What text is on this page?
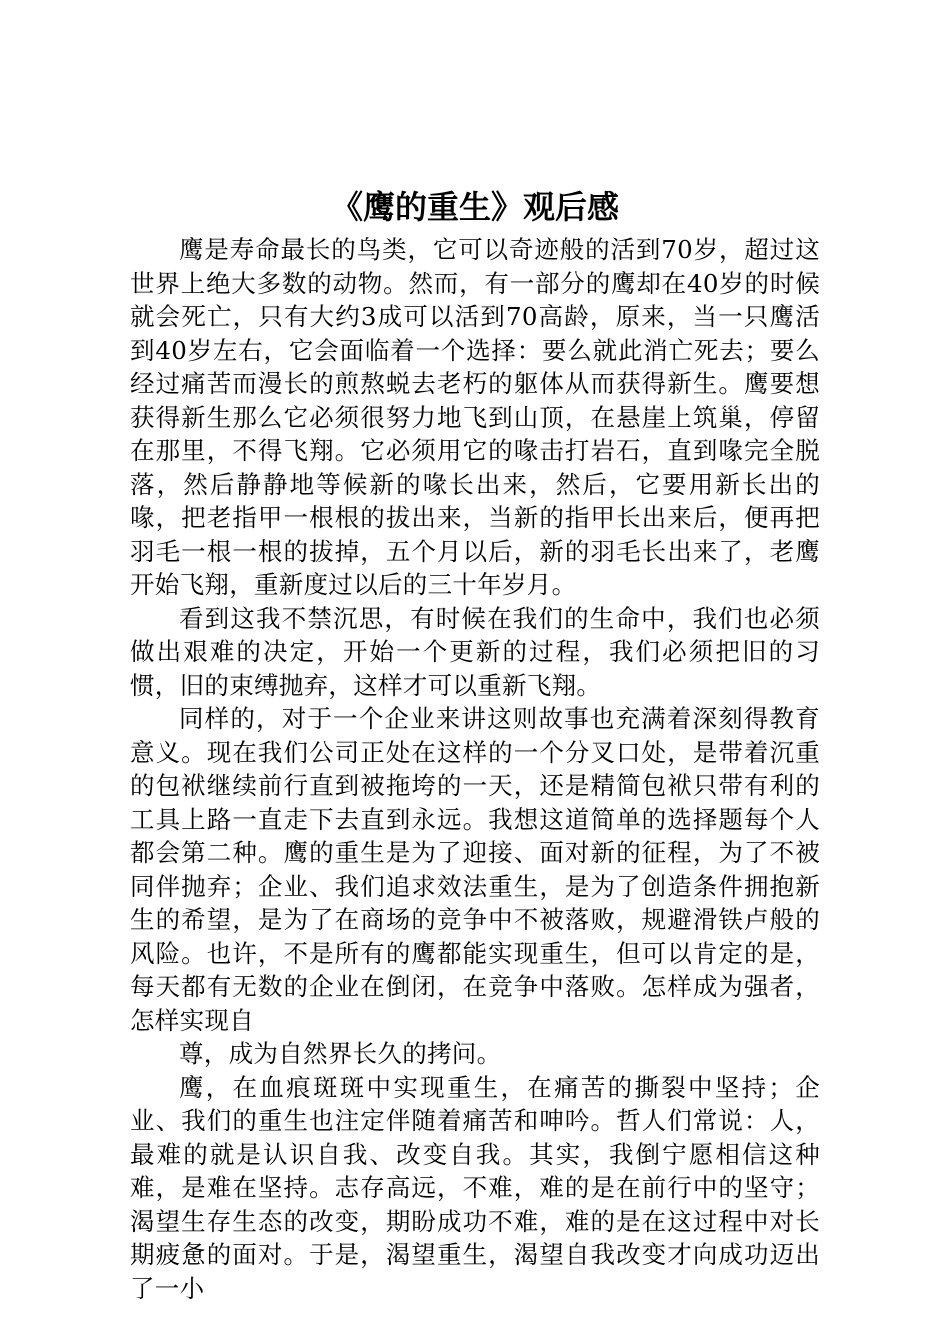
《鹰的重生》观后感

鹰是寿命最长的鸟类，它可以奇迹般的活到70岁，超过这世界上绝大多数的动物。然而，有一部分的鹰却在40岁的时候就会死亡，只有大约3成可以活到70高龄，原来，当一只鹰活到40岁左右，它会面临着一个选择：要么就此消亡死去；要么经过痛苦而漫长的煎熬蜕去老朽的躯体从而获得新生。鹰要想获得新生那么它必须很努力地飞到山顶，在悬崖上筑巢，停留在那里，不得飞翔。它必须用它的喙击打岩石，直到喙完全脱落，然后静静地等候新的喙长出来，然后，它要用新长出的喙，把老指甲一根根的拔出来，当新的指甲长出来后，便再把羽毛一根一根的拔掉，五个月以后，新的羽毛长出来了，老鹰开始飞翔，重新度过以后的三十年岁月。

看到这我不禁沉思，有时候在我们的生命中，我们也必须做出艰难的决定，开始一个更新的过程，我们必须把旧的习惯，旧的束缚抛弃，这样才可以重新飞翔。

同样的，对于一个企业来讲这则故事也充满着深刻得教育意义。现在我们公司正处在这样的一个分叉口处，是带着沉重的包袱继续前行直到被拖垮的一天，还是精简包袱只带有利的工具上路一直走下去直到永远。我想这道简单的选择题每个人都会第二种。鹰的重生是为了迎接、面对新的征程，为了不被同伴抛弃；企业、我们追求效法重生，是为了创造条件拥抱新生的希望，是为了在商场的竞争中不被落败，规避滑铁卢般的风险。也许，不是所有的鹰都能实现重生，但可以肯定的是，每天都有无数的企业在倒闭，在竞争中落败。怎样成为强者，怎样实现自

尊，成为自然界长久的拷问。

鹰，在血痕斑斑中实现重生，在痛苦的撕裂中坚持；企业、我们的重生也注定伴随着痛苦和呻吟。哲人们常说：人，最难的就是认识自我、改变自我。其实，我倒宁愿相信这种难，是难在坚持。志存高远，不难，难的是在前行中的坚守；渴望生存生态的改变，期盼成功不难，难的是在这过程中对长期疲惫的面对。于是，渴望重生，渴望自我改变才向成功迈出了一小
